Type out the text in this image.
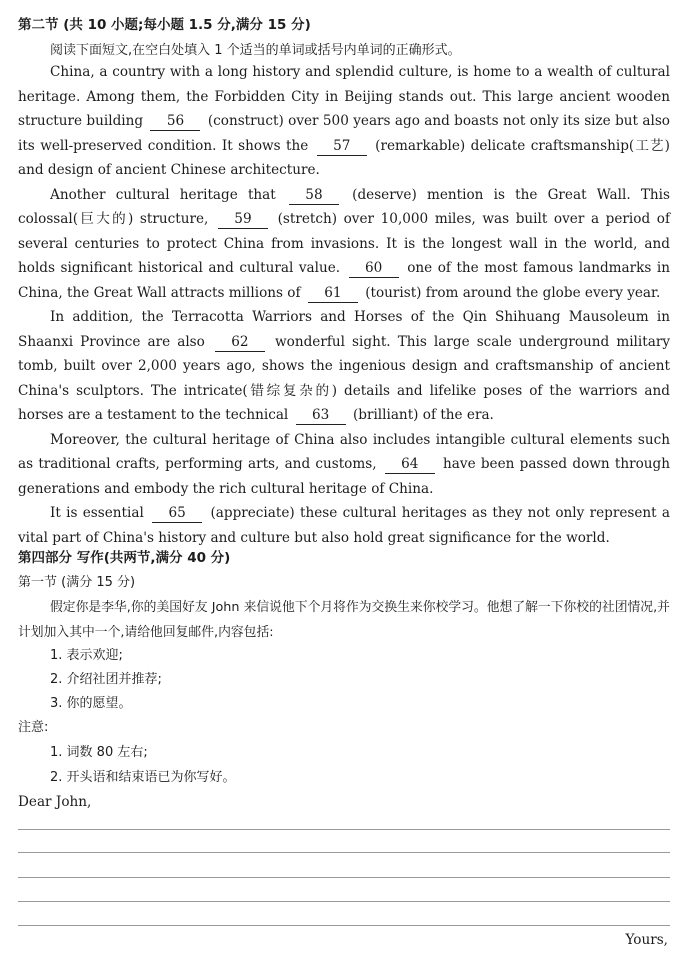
第二节 (共 10 小题;每小题 1.5 分,满分 15 分)
阅读下面短文,在空白处填入 1 个适当的单词或括号内单词的正确形式。

China, a country with a long history and splendid culture, is home to a wealth of cultural heritage. Among them, the Forbidden City in Beijing stands out. This large ancient wooden structure building 56 (construct) over 500 years ago and boasts not only its size but also its well-preserved condition. It shows the 57 (remarkable) delicate craftsmanship(工艺) and design of ancient Chinese architecture.

Another cultural heritage that 58 (deserve) mention is the Great Wall. This colossal(巨大的) structure, 59 (stretch) over 10,000 miles, was built over a period of several centuries to protect China from invasions. It is the longest wall in the world, and holds significant historical and cultural value. 60 one of the most famous landmarks in China, the Great Wall attracts millions of 61 (tourist) from around the globe every year.

In addition, the Terracotta Warriors and Horses of the Qin Shihuang Mausoleum in Shaanxi Province are also 62 wonderful sight. This large scale underground military tomb, built over 2,000 years ago, shows the ingenious design and craftsmanship of ancient China's sculptors. The intricate(错综复杂的) details and lifelike poses of the warriors and horses are a testament to the technical 63 (brilliant) of the era.

Moreover, the cultural heritage of China also includes intangible cultural elements such as traditional crafts, performing arts, and customs, 64 have been passed down through generations and embody the rich cultural heritage of China.

It is essential 65 (appreciate) these cultural heritages as they not only represent a vital part of China's history and culture but also hold great significance for the world.

第四部分 写作(共两节,满分 40 分)
第一节 (满分 15 分)
假定你是李华,你的美国好友 John 来信说他下个月将作为交换生来你校学习。他想了解一下你校的社团情况,并计划加入其中一个,请给他回复邮件,内容包括:
1. 表示欢迎;
2. 介绍社团并推荐;
3. 你的愿望。
注意:
1. 词数 80 左右;
2. 开头语和结束语已为你写好。
Dear John,
Yours,
